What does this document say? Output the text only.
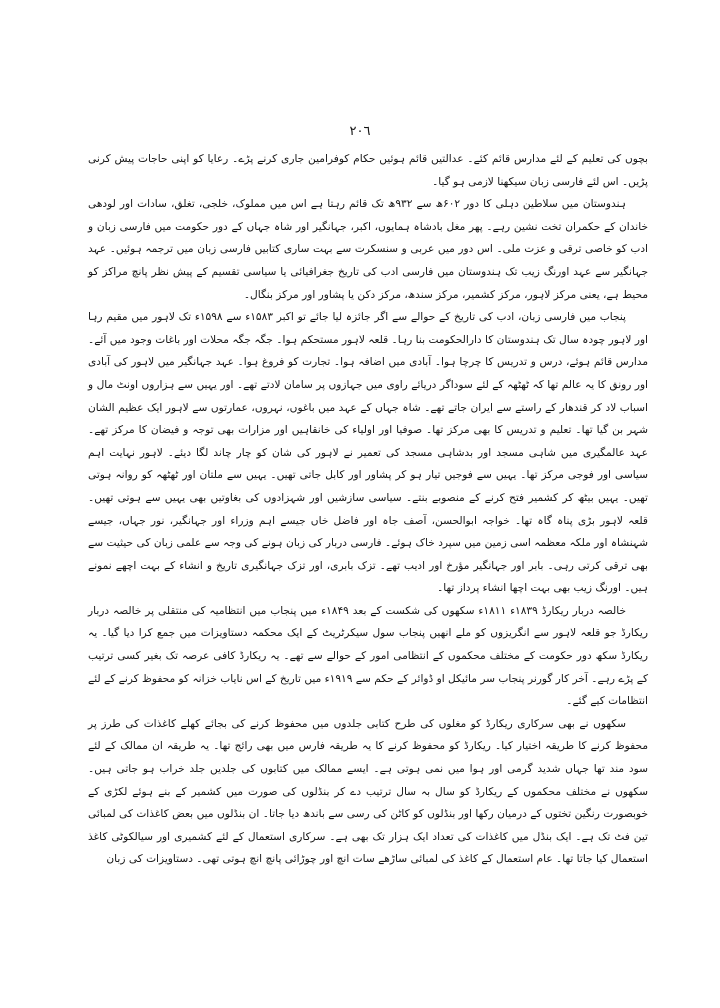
٢٠٦

بچوں کی تعلیم کے لئے مدارس قائم کئے۔ عدالتیں قائم ہوئیں حکام کوفرامین جاری کرنے پڑے۔ رعایا کو اپنی حاجات پیش کرنی پڑیں۔ اس لئے فارسی زبان سیکھنا لازمی ہو گیا۔

ہندوستان میں سلاطین دہلی کا دور ۶۰۲ھ سے ۹۳۲ھ تک قائم رہتا ہے اس میں مملوک، خلجی، تغلق، سادات اور لودھی خاندان کے حکمران تخت نشین رہے۔ پھر مغل بادشاہ ہمایوں، اکبر، جہانگیر اور شاہ جہاں کے دور حکومت میں فارسی زبان و ادب کو خاصی ترقی و عزت ملی۔ اس دور میں عربی و سنسکرت سے بہت ساری کتابیں فارسی زبان میں ترجمہ ہوئیں۔ عہد جہانگیر سے عہد اورنگ زیب تک ہندوستان میں فارسی ادب کی تاریخ جغرافیائی یا سیاسی تقسیم کے پیش نظر پانچ مراکز کو محیط ہے، یعنی مرکز لاہور، مرکز کشمیر، مرکز سندھ، مرکز دکن یا پشاور اور مرکز بنگال۔

پنجاب میں فارسی زبان، ادب کی تاریخ کے حوالے سے اگر جائزہ لیا جائے تو اکبر ۱۵۸۳ء سے ۱۵۹۸ء تک لاہور میں مقیم رہا اور لاہور چودہ سال تک ہندوستان کا دارالحکومت بنا رہا۔ قلعہ لاہور مستحکم ہوا۔ جگہ جگہ محلات اور باغات وجود میں آئے۔ مدارس قائم ہوئے، درس و تدریس کا چرچا ہوا۔ آبادی میں اضافہ ہوا۔ تجارت کو فروغ ہوا۔ عہد جہانگیر میں لاہور کی آبادی اور رونق کا یہ عالم تھا کہ ٹھٹھہ کے لئے سوداگر دریائے راوی میں جہازوں پر سامان لادتے تھے۔ اور یہیں سے ہزاروں اونٹ مال و اسباب لاد کر قندھار کے راستے سے ایران جاتے تھے۔ شاہ جہاں کے عہد میں باغوں، نہروں، عمارتوں سے لاہور ایک عظیم الشان شہر بن گیا تھا۔ تعلیم و تدریس کا بھی مرکز تھا۔ صوفیا اور اولیاء کی خانقاہیں اور مزارات بھی توجہ و فیضان کا مرکز تھے۔ عہد عالمگیری میں شاہی مسجد اور بدشاہی مسجد کی تعمیر نے لاہور کی شان کو چار چاند لگا دیئے۔ لاہور نہایت اہم سیاسی اور فوجی مرکز تھا۔ یہیں سے فوجیں تیار ہو کر پشاور اور کابل جاتی تھیں۔ یہیں سے ملتان اور ٹھٹھہ کو روانہ ہوتی تھیں۔ یہیں بیٹھ کر کشمیر فتح کرنے کے منصوبے بنتے۔ سیاسی سازشیں اور شہزادوں کی بغاوتیں بھی یہیں سے ہوتی تھیں۔ قلعہ لاہور بڑی پناہ گاہ تھا۔ خواجہ ابوالحسن، آصف جاہ اور فاضل خاں جیسے اہم وزراء اور جہانگیر، نور جہاں، جیسے شہنشاہ اور ملکہ معظمہ اسی زمین میں سپرد خاک ہوئے۔ فارسی دربار کی زبان ہونے کی وجہ سے علمی زبان کی حیثیت سے بھی ترقی کرتی رہی۔ بابر اور جہانگیر مؤرخ اور ادیب تھے۔ تزک بابری، اور تزک جہانگیری تاریخ و انشاء کے بہت اچھے نمونے ہیں۔ اورنگ زیب بھی بہت اچھا انشاء پرداز تھا۔

خالصہ دربار ریکارڈ ۱۸۳۹ء ۱۸۱۱ء سکھوں کی شکست کے بعد ۱۸۴۹ء میں پنجاب میں انتظامیہ کی منتقلی پر خالصہ دربار ریکارڈ جو قلعہ لاہور سے انگریزوں کو ملے انھیں پنجاب سول سیکرٹریٹ کے ایک محکمہ دستاویزات میں جمع کرا دیا گیا۔ یہ ریکارڈ سکھ دور حکومت کے مختلف محکموں کے انتظامی امور کے حوالے سے تھے۔ یہ ریکارڈ کافی عرصہ تک بغیر کسی ترتیب کے پڑے رہے۔ آخر کار گورنر پنجاب سر مائیکل او ڈوائر کے حکم سے ۱۹۱۹ء میں تاریخ کے اس نایاب خزانہ کو محفوظ کرنے کے لئے انتظامات کیے گئے۔

سکھوں نے بھی سرکاری ریکارڈ کو مغلوں کی طرح کتابی جلدوں میں محفوظ کرنے کی بجائے کھلے کاغذات کی طرز پر محفوظ کرنے کا طریقہ اختیار کیا۔ ریکارڈ کو محفوظ کرنے کا یہ طریقہ فارس میں بھی رائج تھا۔ یہ طریقہ ان ممالک کے لئے سود مند تھا جہاں شدید گرمی اور ہوا میں نمی ہوتی ہے۔ ایسے ممالک میں کتابوں کی جلدیں جلد خراب ہو جاتی ہیں۔ سکھوں نے مختلف محکموں کے ریکارڈ کو سال بہ سال ترتیب دے کر بنڈلوں کی صورت میں کشمیر کے بنے ہوئے لکڑی کے خوبصورت رنگین تختوں کے درمیان رکھا اور بنڈلوں کو کاٹن کی رسی سے باندھ دیا جاتا۔ ان بنڈلوں میں بعض کاغذات کی لمبائی تین فٹ تک ہے۔ ایک بنڈل میں کاغذات کی تعداد ایک ہزار تک بھی ہے۔ سرکاری استعمال کے لئے کشمیری اور سیالکوٹی کاغذ استعمال کیا جاتا تھا۔ عام استعمال کے کاغذ کی لمبائی ساڑھے سات انچ اور چوڑائی پانچ انچ ہوتی تھی۔ دستاویزات کی زبان
